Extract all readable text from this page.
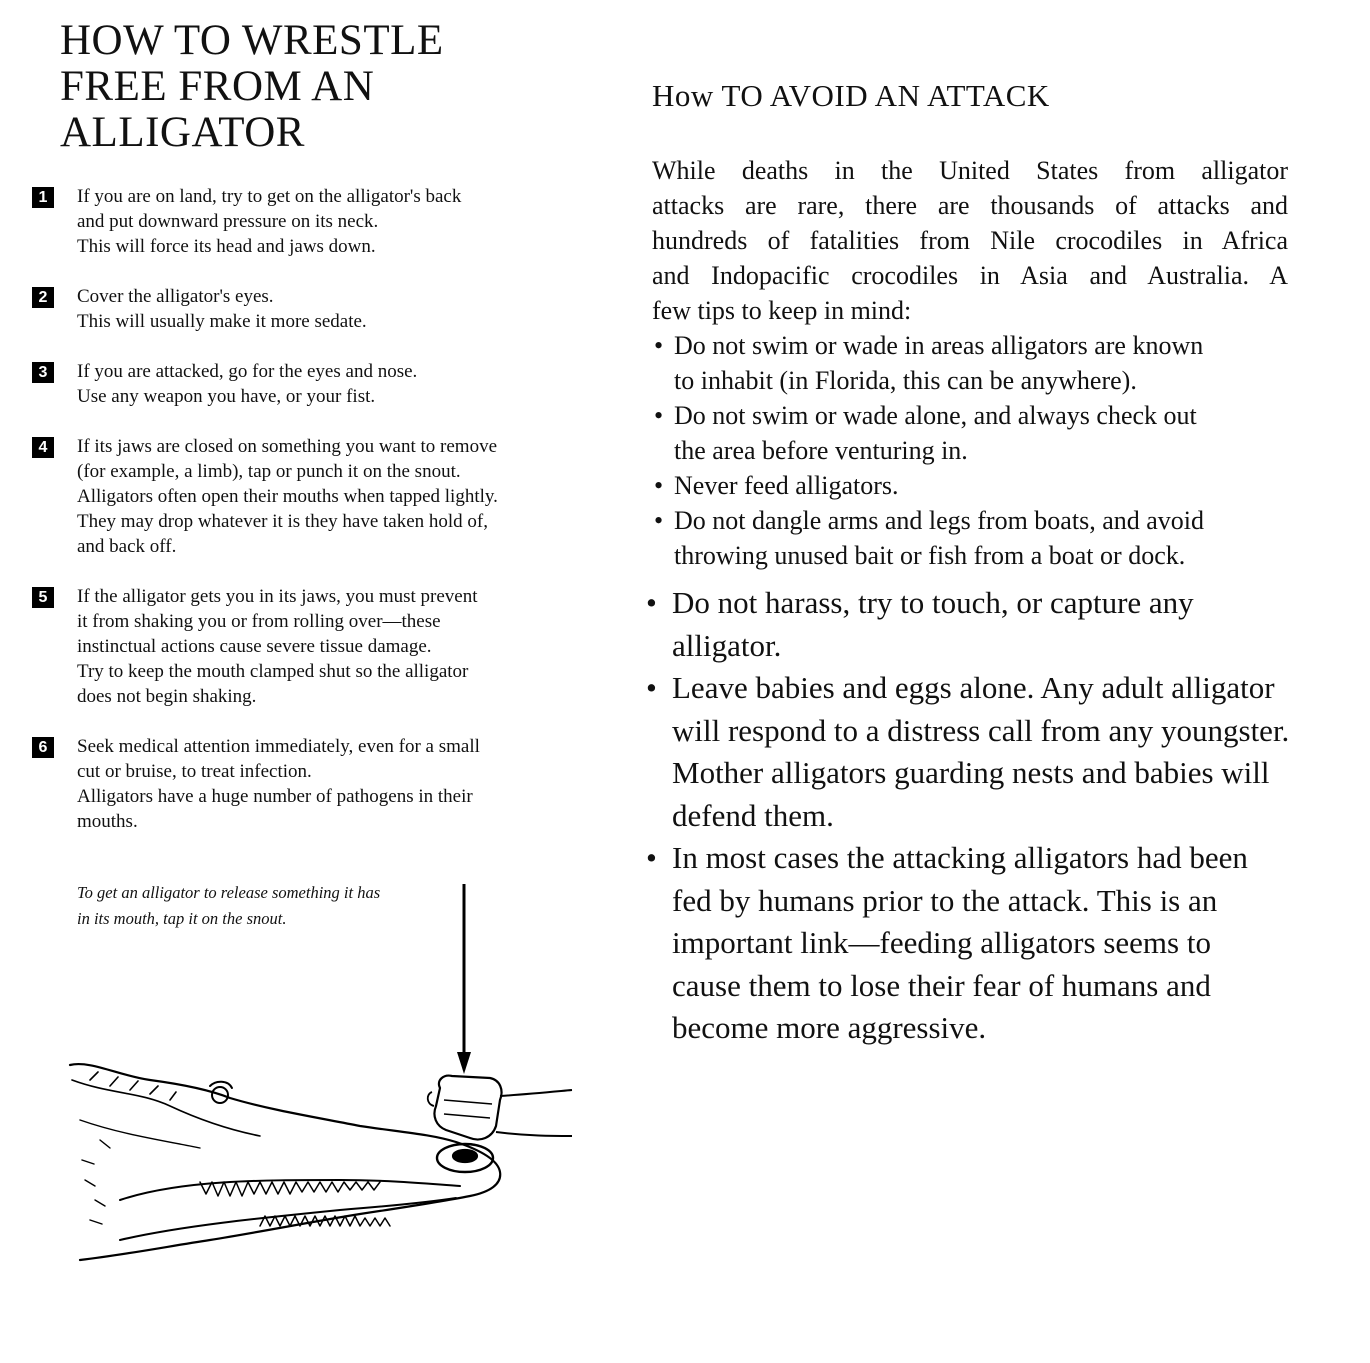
HOW TO WRESTLE
FREE FROM AN
ALLIGATOR
1	If you are on land, try to get on the alligator's back
and put downward pressure on its neck.
This will force its head and jaws down.
2	Cover the alligator's eyes.
This will usually make it more sedate.
3	If you are attacked, go for the eyes and nose.
Use any weapon you have, or your fist.
4	If its jaws are closed on something you want to remove
(for example, a limb), tap or punch it on the snout.
Alligators often open their mouths when tapped lightly.
They may drop whatever it is they have taken hold of,
and back off.
5	If the alligator gets you in its jaws, you must prevent
it from shaking you or from rolling over—these
instinctual actions cause severe tissue damage.
Try to keep the mouth clamped shut so the alligator
does not begin shaking.
6	Seek medical attention immediately, even for a small
cut or bruise, to treat infection.
Alligators have a huge number of pathogens in their
mouths.
To get an alligator to release something it has
in its mouth, tap it on the snout.
How TO AVOID AN ATTACK
While deaths in the United States from alligator
attacks are rare, there are thousands of attacks and
hundreds of fatalities from Nile crocodiles in Africa
and Indopacific crocodiles in Asia and Australia. A
few tips to keep in mind:
• Do not swim or wade in areas alligators are known
to inhabit (in Florida, this can be anywhere).
• Do not swim or wade alone, and always check out
the area before venturing in.
• Never feed alligators.
• Do not dangle arms and legs from boats, and avoid
throwing unused bait or fish from a boat or dock.
• Do not harass, try to touch, or capture any
alligator.
• Leave babies and eggs alone. Any adult alligator
will respond to a distress call from any youngster.
Mother alligators guarding nests and babies will
defend them.
• In most cases the attacking alligators had been
fed by humans prior to the attack. This is an
important link—feeding alligators seems to
cause them to lose their fear of humans and
become more aggressive.
